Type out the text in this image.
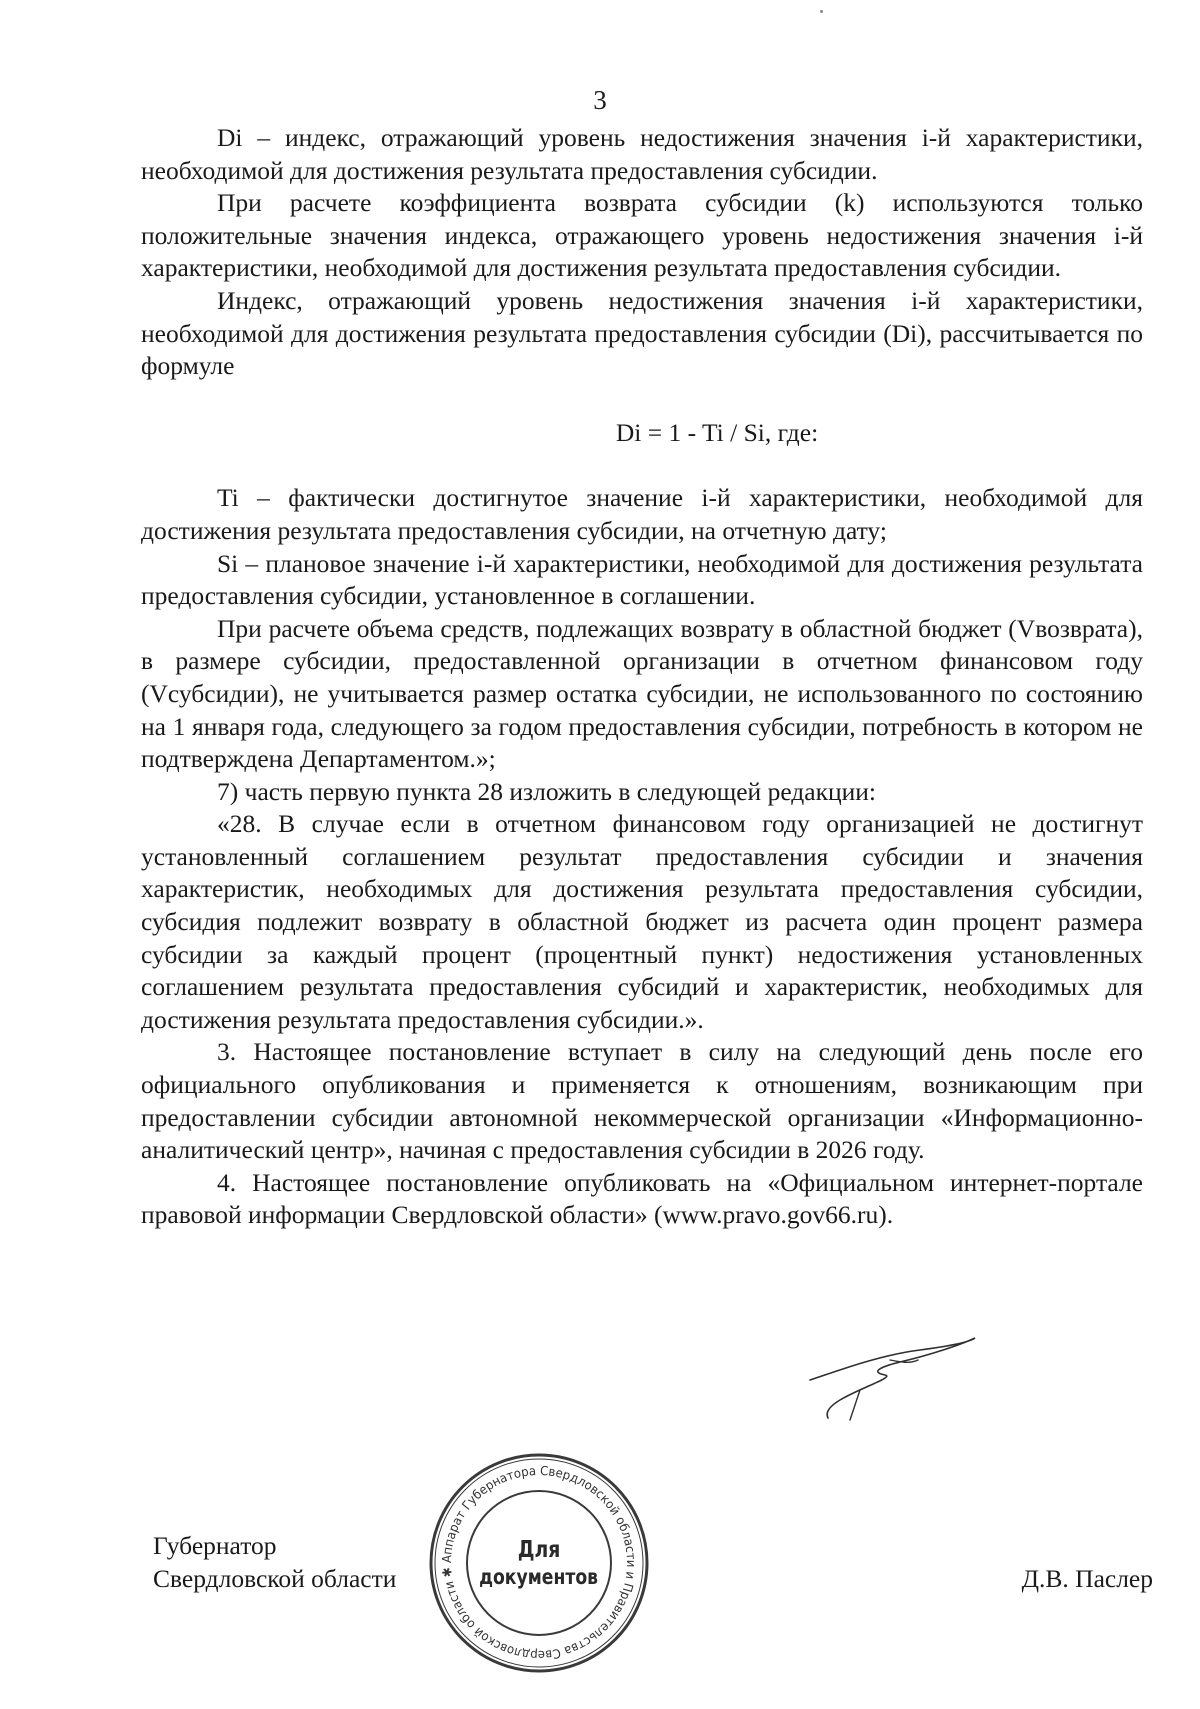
3

Di – индекс, отражающий уровень недостижения значения i-й характеристики, необходимой для достижения результата предоставления субсидии.

При расчете коэффициента возврата субсидии (k) используются только положительные значения индекса, отражающего уровень недостижения значения i-й характеристики, необходимой для достижения результата предоставления субсидии.

Индекс, отражающий уровень недостижения значения i-й характеристики, необходимой для достижения результата предоставления субсидии (Di), рассчитывается по формуле

Di = 1 - Ti / Si, где:

Ti – фактически достигнутое значение i-й характеристики, необходимой для достижения результата предоставления субсидии, на отчетную дату;

Si – плановое значение i-й характеристики, необходимой для достижения результата предоставления субсидии, установленное в соглашении.

При расчете объема средств, подлежащих возврату в областной бюджет (Vвозврата), в размере субсидии, предоставленной организации в отчетном финансовом году (Vсубсидии), не учитывается размер остатка субсидии, не использованного по состоянию на 1 января года, следующего за годом предоставления субсидии, потребность в котором не подтверждена Департаментом.»;

7) часть первую пункта 28 изложить в следующей редакции:

«28. В случае если в отчетном финансовом году организацией не достигнут установленный соглашением результат предоставления субсидии и значения характеристик, необходимых для достижения результата предоставления субсидии, субсидия подлежит возврату в областной бюджет из расчета один процент размера субсидии за каждый процент (процентный пункт) недостижения установленных соглашением результата предоставления субсидий и характеристик, необходимых для достижения результата предоставления субсидии.».

3. Настоящее постановление вступает в силу на следующий день после его официального опубликования и применяется к отношениям, возникающим при предоставлении субсидии автономной некоммерческой организации «Информационно-аналитический центр», начиная с предоставления субсидии в 2026 году.

4. Настоящее постановление опубликовать на «Официальном интернет-портале правовой информации Свердловской области» (www.pravo.gov66.ru).

Губернатор
Свердловской области	Д.В. Паслер
Аппарат Губернатора Свердловской области и Правительства Свердловской области ✱
Для
документов
